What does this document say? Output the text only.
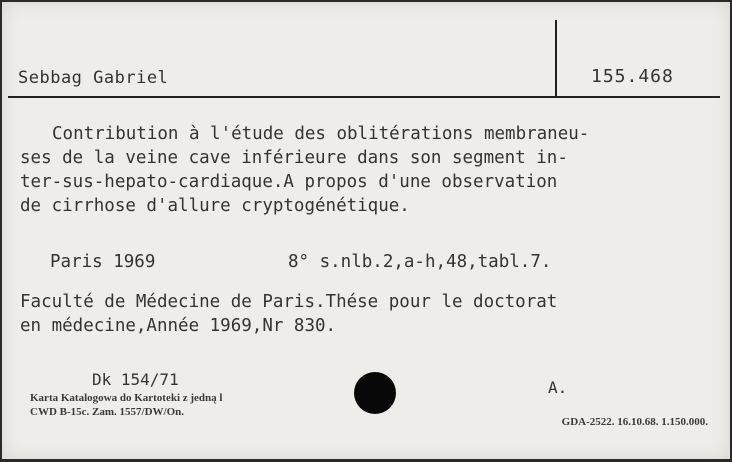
Sebbag Gabriel	155.468
Contribution à l'étude des oblitérations membraneu-
ses de la veine cave inférieure dans son segment in-
ter-sus-hepato-cardiaque.A propos d'une observation
de cirrhose d'allure cryptogénétique.
Paris 1969	8° s.nlb.2,a-h,48,tabl.7.
Faculté de Médecine de Paris.Thése pour le doctorat
en médecine,Année 1969,Nr 830.
Dk 154/71
Karta Katalogowa do Kartoteki z jedną l
CWD B-15c. Zam. 1557/DW/On.
A.
GDA-2522. 16.10.68. 1.150.000.
